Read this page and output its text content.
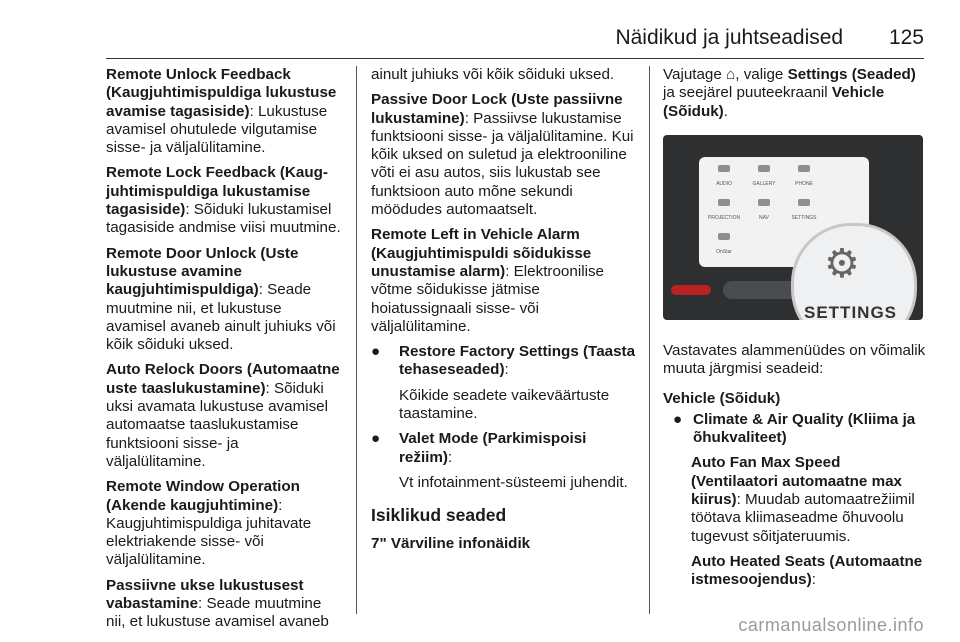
Näidikud ja juhtseadised 125

Remote Unlock Feedback (Kaugjuhtimispuldiga lukustuse avamise tagasiside): Lukustuse avamisel ohutulede vilgutamise sisse- ja väljalülitamine.

Remote Lock Feedback (Kaugjuhtimispuldiga lukustamise tagasiside): Sõiduki lukustamisel tagasiside andmise viisi muutmine.

Remote Door Unlock (Uste lukustuse avamine kaugjuhtimispuldiga): Seade muutmine nii, et lukustuse avamisel avaneb ainult juhiuks või kõik sõiduki uksed.

Auto Relock Doors (Automaatne uste taaslukustamine): Sõiduki uksi avamata lukustuse avamisel automaatse taaslukustamise funktsiooni sisse- ja väljalülitamine.

Remote Window Operation (Akende kaugjuhtimine): Kaugjuhtimispuldiga juhitavate elektriakende sisse- või väljalülitamine.

Passiivne ukse lukustusest vabastamine: Seade muutmine nii, et lukustuse avamisel avaneb

ainult juhiuks või kõik sõiduki uksed.

Passive Door Lock (Uste passiivne lukustamine): Passiivse lukustamise funktsiooni sisse- ja väljalülitamine. Kui kõik uksed on suletud ja elektrooniline võti ei asu autos, siis lukustab see funktsioon auto mõne sekundi möödudes automaatselt.

Remote Left in Vehicle Alarm (Kaugjuhtimispuldi sõidukisse unustamise alarm): Elektroonilise võtme sõidukisse jätmise hoiatussignaali sisse- või väljalülitamine.

●	Restore Factory Settings (Taasta tehaseseaded):

Kõikide seadete vaikeväärtuste taastamine.

●	Valet Mode (Parkimispoisi režiim):

Vt infotainment-süsteemi juhendit.

Isiklikud seaded

7" Värviline infonäidik

Vajutage ⌂, valige Settings (Seaded) ja seejärel puuteekraanil Vehicle (Sõiduk).

AUDIO	GALLERY	PHONE
PROJECTION	NAV	SETTINGS
OnStar ⚙
SETTINGS

Vastavates alammenüüdes on võimalik muuta järgmisi seadeid:

Vehicle (Sõiduk)

● Climate & Air Quality (Kliima ja õhukvaliteet)

Auto Fan Max Speed (Ventilaatori automaatne max kiirus): Muudab automaatrežiimil töötava kliimaseadme õhuvoolu tugevust sõitjateruumis.

Auto Heated Seats (Automaatne istmesoojendus):

carmanualsonline.info
